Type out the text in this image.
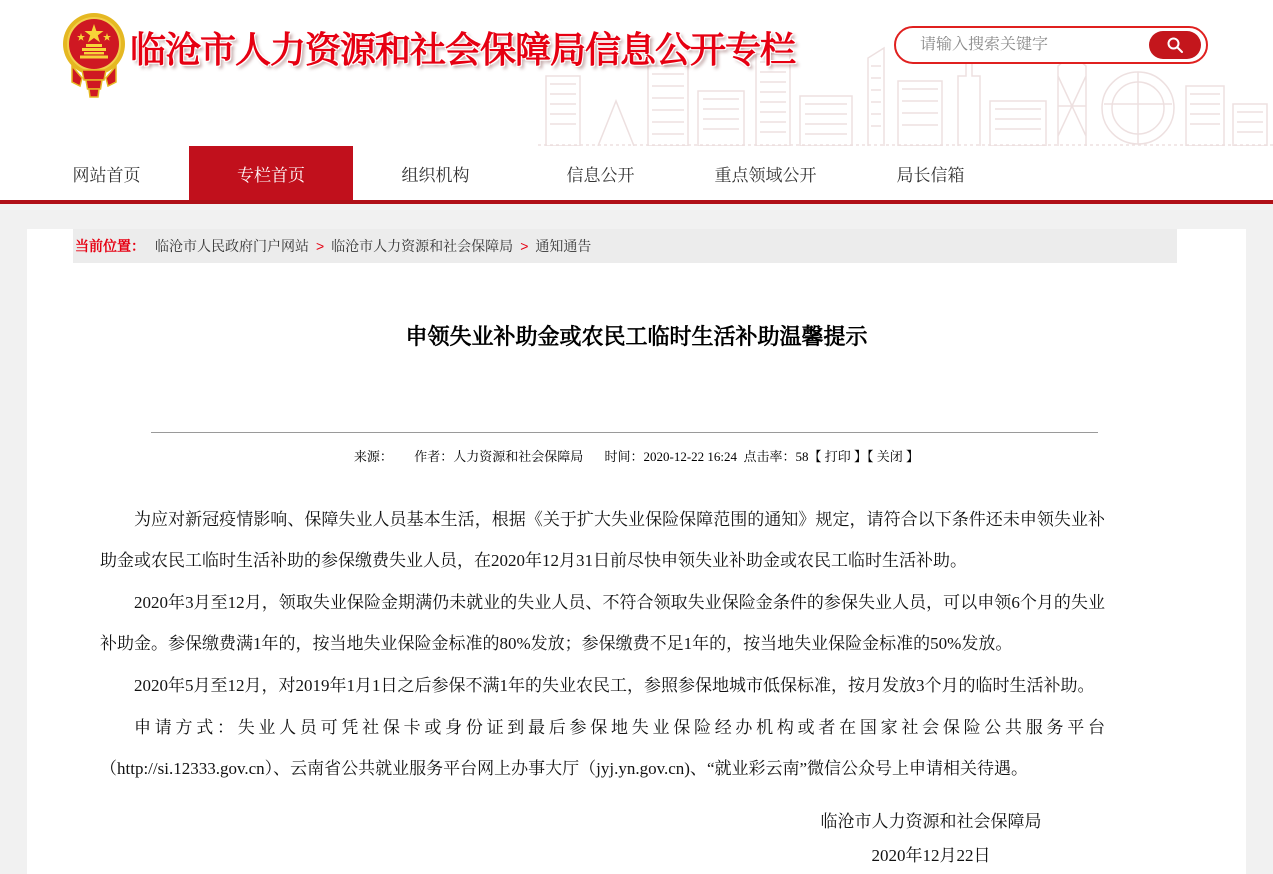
临沧市人力资源和社会保障局信息公开专栏
请输入搜索关键字
网站首页	专栏首页	组织机构	信息公开	重点领域公开	局长信箱
当前位置： 临沧市人民政府门户网站 > 临沧市人力资源和社会保障局 > 通知通告
申领失业补助金或农民工临时生活补助温馨提示
来源： 作者：人力资源和社会保障局 时间：2020-12-22 16:24 点击率：58【 打印 】【 关闭 】

为应对新冠疫情影响、保障失业人员基本生活，根据《关于扩大失业保险保障范围的通知》规定，请符合以下条件还未申领失业补助金或农民工临时生活补助的参保缴费失业人员，在2020年12月31日前尽快申领失业补助金或农民工临时生活补助。

2020年3月至12月，领取失业保险金期满仍未就业的失业人员、不符合领取失业保险金条件的参保失业人员，可以申领6个月的失业补助金。参保缴费满1年的，按当地失业保险金标准的80%发放；参保缴费不足1年的，按当地失业保险金标准的50%发放。

2020年5月至12月，对2019年1月1日之后参保不满1年的失业农民工，参照参保地城市低保标准，按月发放3个月的临时生活补助。

申请方式：失业人员可凭社保卡或身份证到最后参保地失业保险经办机构或者在国家社会保险公共服务平台（http://si.12333.gov.cn）、云南省公共就业服务平台网上办事大厅（jyj.yn.gov.cn)、“就业彩云南”微信公众号上申请相关待遇。

临沧市人力资源和社会保障局
2020年12月22日
